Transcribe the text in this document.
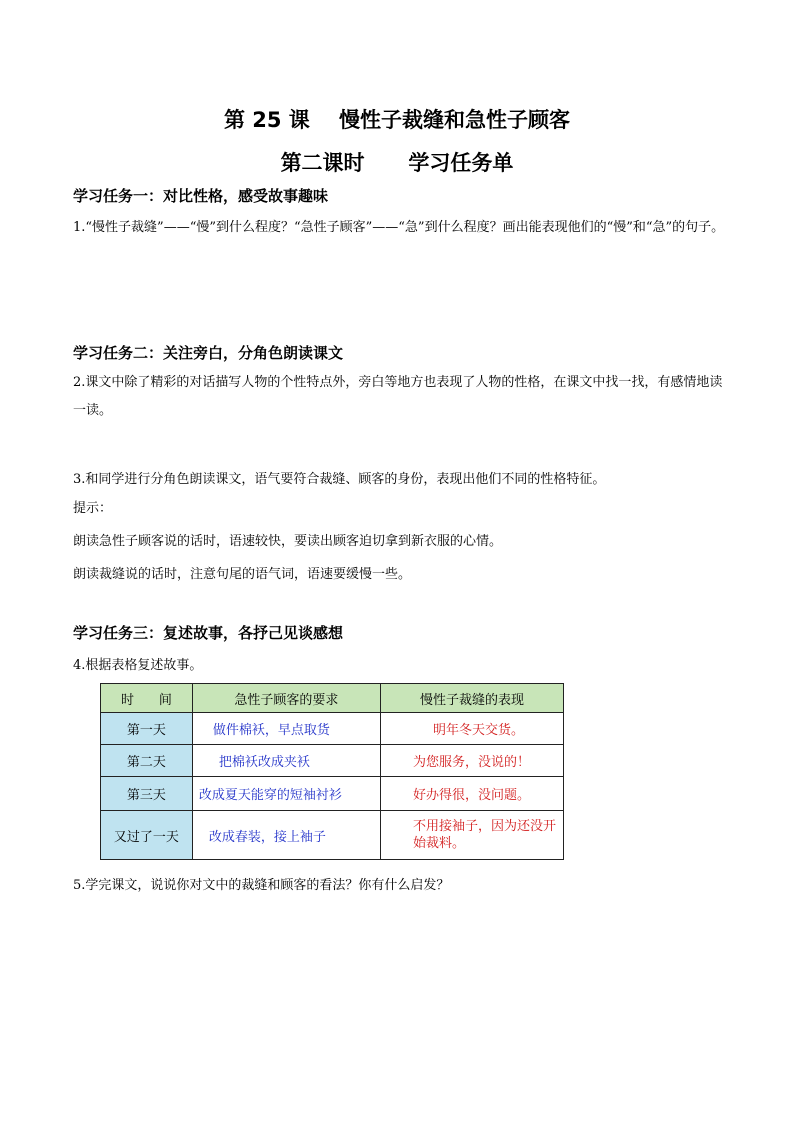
第 25 课    慢性子裁缝和急性子顾客
第二课时      学习任务单
学习任务一：对比性格，感受故事趣味
1.“慢性子裁缝”——“慢”到什么程度？“急性子顾客”——“急”到什么程度？画出能表现他们的“慢”和“急”的句子。
学习任务二：关注旁白，分角色朗读课文
2.课文中除了精彩的对话描写人物的个性特点外，旁白等地方也表现了人物的性格，在课文中找一找，有感情地读一读。
3.和同学进行分角色朗读课文，语气要符合裁缝、顾客的身份，表现出他们不同的性格特征。
提示：
朗读急性子顾客说的话时，语速较快，要读出顾客迫切拿到新衣服的心情。
朗读裁缝说的话时，注意句尾的语气词，语速要缓慢一些。
学习任务三：复述故事，各抒己见谈感想
4.根据表格复述故事。
时      间	急性子顾客的要求	慢性子裁缝的表现
第一天	做件棉袄，早点取货	明年冬天交货。
第二天	把棉袄改成夹袄	为您服务，没说的！
第三天	改成夏天能穿的短袖衬衫	好办得很，没问题。
又过了一天	改成春装，接上袖子	不用接袖子，因为还没开始裁料。
5.学完课文，说说你对文中的裁缝和顾客的看法？你有什么启发？
